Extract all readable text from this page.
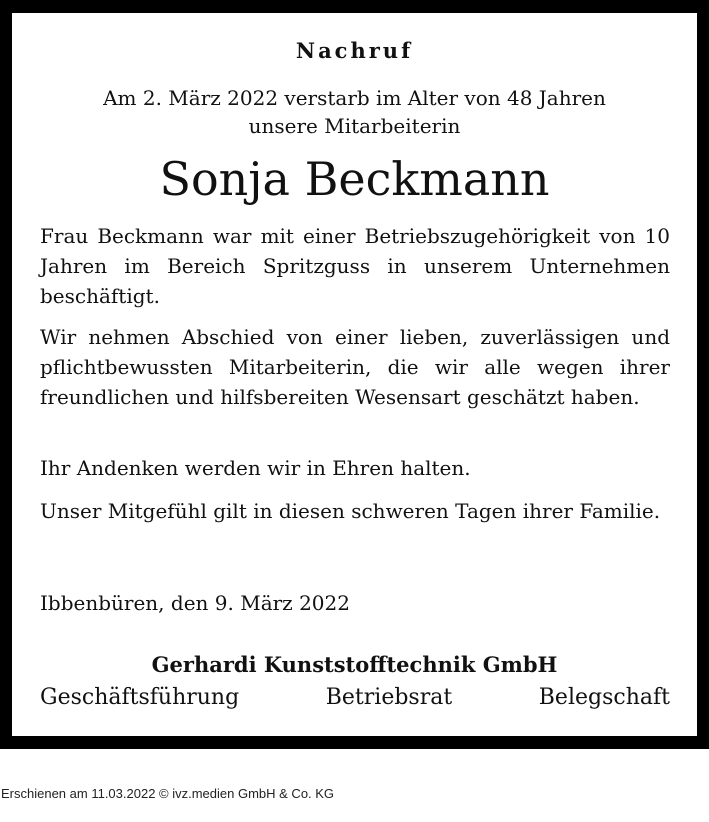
Nachruf
Am 2. März 2022 verstarb im Alter von 48 Jahren
unsere Mitarbeiterin
Sonja Beckmann

Frau Beckmann war mit einer Betriebszugehörigkeit von 10 Jahren im Bereich Spritzguss in unserem Unternehmen beschäftigt.

Wir nehmen Abschied von einer lieben, zuverlässigen und pflichtbewussten Mitarbeiterin, die wir alle wegen ihrer freundlichen und hilfsbereiten Wesensart geschätzt haben.

Ihr Andenken werden wir in Ehren halten.

Unser Mitgefühl gilt in diesen schweren Tagen ihrer Familie.

Ibbenbüren, den 9. März 2022

Gerhardi Kunststofftechnik GmbH

Geschäftsführung	Betriebsrat	Belegschaft
Erschienen am 11.03.2022 © ivz.medien GmbH & Co. KG
